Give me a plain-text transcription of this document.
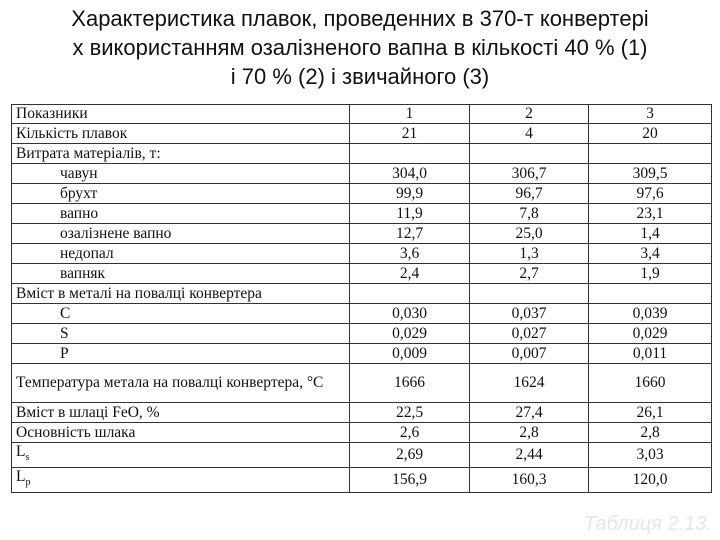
Характеристика плавок, проведенних в 370-т конвертері
х використанням озалізненого вапна в кількості 40 % (1)
і 70 % (2) і звичайного (3)
Показники	1	2	3
Кількість плавок	21	4	20
Витрата матеріалів, т:			
чавун	304,0	306,7	309,5
брухт	99,9	96,7	97,6
вапно	11,9	7,8	23,1
озалізнене вапно	12,7	25,0	1,4
недопал	3,6	1,3	3,4
вапняк	2,4	2,7	1,9
Вміст в металі на повалці конвертера			
C	0,030	0,037	0,039
S	0,029	0,027	0,029
P	0,009	0,007	0,011
Температура метала на повалці конвертера, °С	1666	1624	1660
Вміст в шлаці FeO, %	22,5	27,4	26,1
Основність шлака	2,6	2,8	2,8
$L_s$	2,69	2,44	3,03
$L_p$	156,9	160,3	120,0
Таблиця 2.13.
